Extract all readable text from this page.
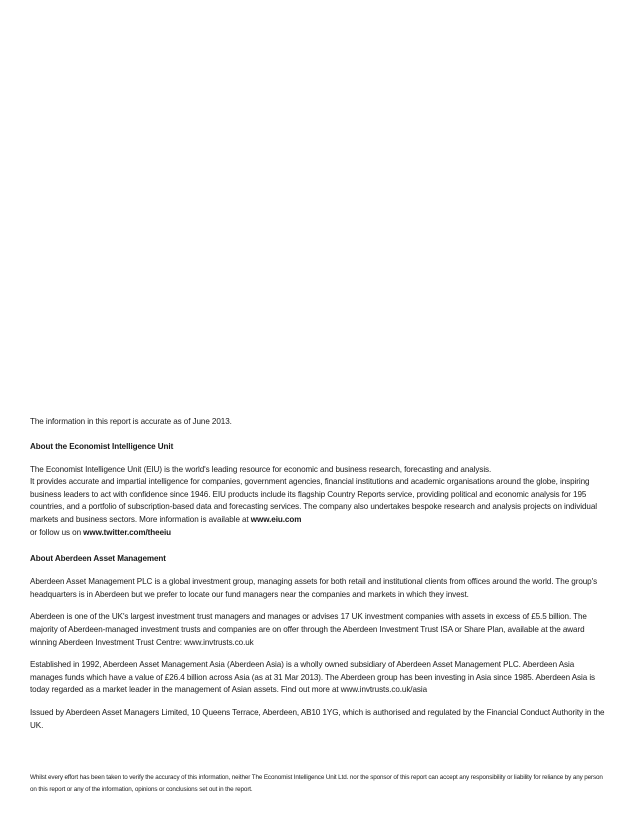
The information in this report is accurate as of June 2013.

About the Economist Intelligence Unit

The Economist Intelligence Unit (EIU) is the world's leading resource for economic and business research, forecasting and analysis.
It provides accurate and impartial intelligence for companies, government agencies, financial institutions and academic organisations around the globe, inspiring business leaders to act with confidence since 1946. EIU products include its flagship Country Reports service, providing political and economic analysis for 195 countries, and a portfolio of subscription-based data and forecasting services. The company also undertakes bespoke research and analysis projects on individual markets and business sectors. More information is available at www.eiu.com
or follow us on www.twitter.com/theeiu

About Aberdeen Asset Management

Aberdeen Asset Management PLC is a global investment group, managing assets for both retail and institutional clients from offices around the world. The group's headquarters is in Aberdeen but we prefer to locate our fund managers near the companies and markets in which they invest.

Aberdeen is one of the UK's largest investment trust managers and manages or advises 17 UK investment companies with assets in excess of £5.5 billion. The majority of Aberdeen-managed investment trusts and companies are on offer through the Aberdeen Investment Trust ISA or Share Plan, available at the award winning Aberdeen Investment Trust Centre: www.invtrusts.co.uk

Established in 1992, Aberdeen Asset Management Asia (Aberdeen Asia) is a wholly owned subsidiary of Aberdeen Asset Management PLC. Aberdeen Asia manages funds which have a value of £26.4 billion across Asia (as at 31 Mar 2013). The Aberdeen group has been investing in Asia since 1985. Aberdeen Asia is today regarded as a market leader in the management of Asian assets. Find out more at www.invtrusts.co.uk/asia

Issued by Aberdeen Asset Managers Limited, 10 Queens Terrace, Aberdeen, AB10 1YG, which is authorised and regulated by the Financial Conduct Authority in the UK.

Whilst every effort has been taken to verify the accuracy of this information, neither The Economist Intelligence Unit Ltd. nor the sponsor of this report can accept any responsibility or liability for reliance by any person on this report or any of the information, opinions or conclusions set out in the report.
